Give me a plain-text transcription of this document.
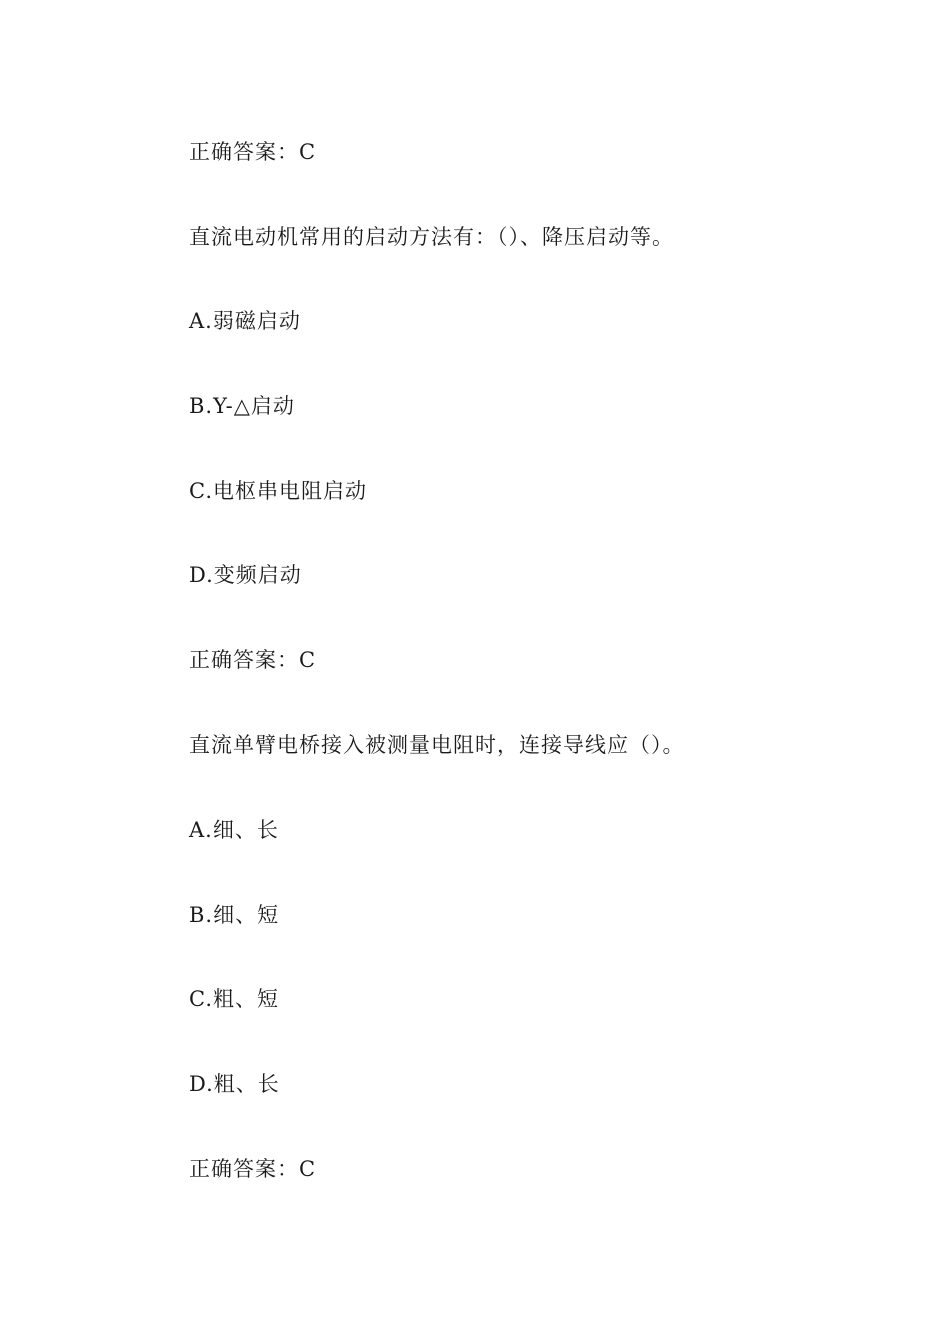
正确答案：C
直流电动机常用的启动方法有：（）、降压启动等。
A.弱磁启动
B.Y-△启动
C.电枢串电阻启动
D.变频启动
正确答案：C
直流单臂电桥接入被测量电阻时，连接导线应（）。
A.细、长
B.细、短
C.粗、短
D.粗、长
正确答案：C
